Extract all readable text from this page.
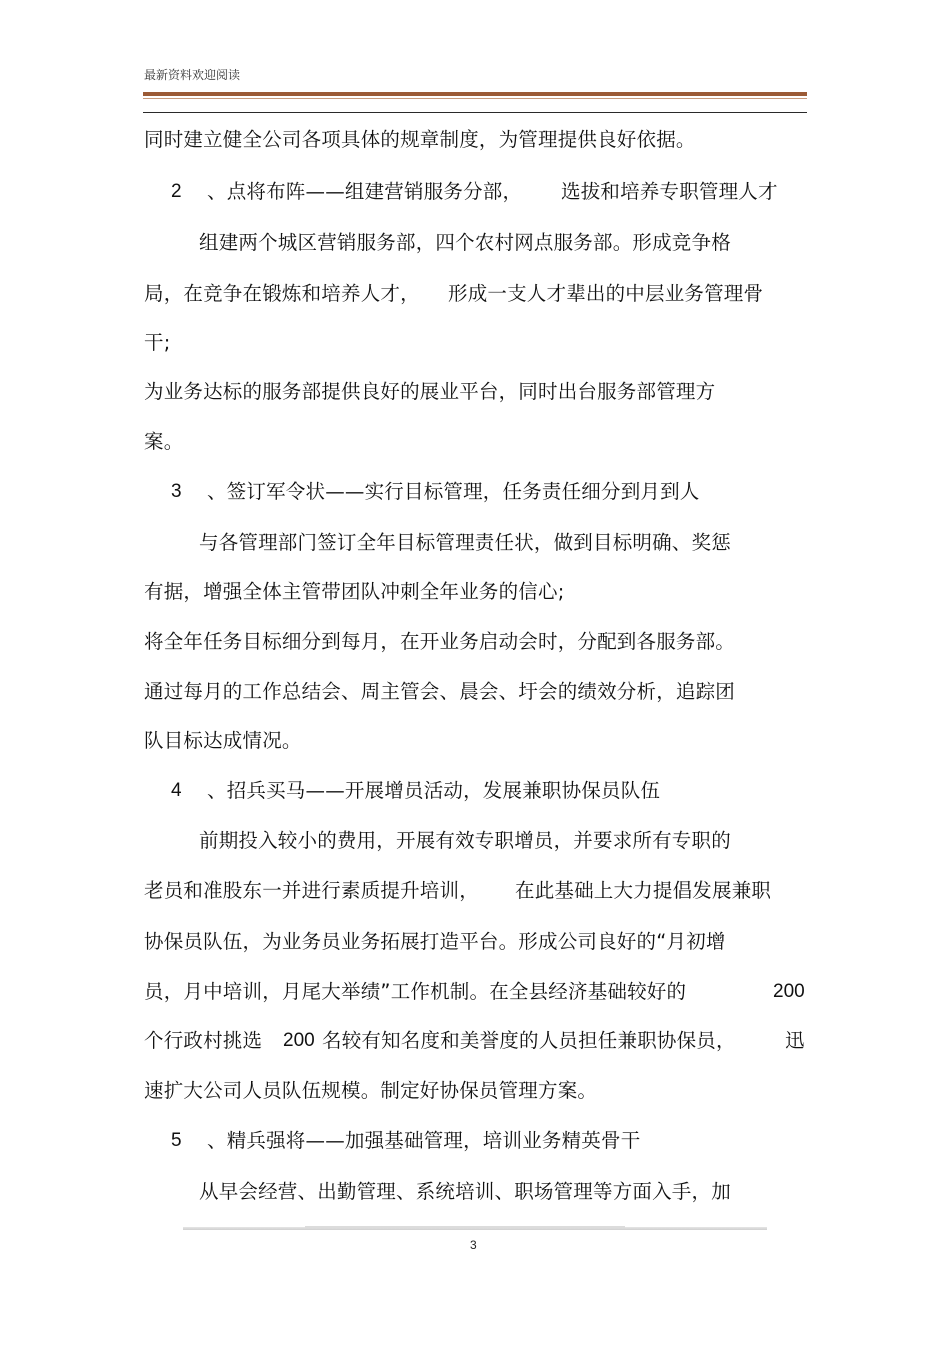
最新资料欢迎阅读
同时建立健全公司各项具体的规章制度，为管理提供良好依据。
2 、点将布阵——组建营销服务分部， 选拔和培养专职管理人才
组建两个城区营销服务部，四个农村网点服务部。形成竞争格
局，在竞争在锻炼和培养人才， 形成一支人才辈出的中层业务管理骨
干;
为业务达标的服务部提供良好的展业平台，同时出台服务部管理方
案。
3 、签订军令状——实行目标管理，任务责任细分到月到人
与各管理部门签订全年目标管理责任状，做到目标明确、奖惩
有据，增强全体主管带团队冲刺全年业务的信心;
将全年任务目标细分到每月，在开业务启动会时，分配到各服务部。
通过每月的工作总结会、周主管会、晨会、圩会的绩效分析，追踪团
队目标达成情况。
4 、招兵买马——开展增员活动，发展兼职协保员队伍
前期投入较小的费用，开展有效专职增员，并要求所有专职的
老员和准股东一并进行素质提升培训， 在此基础上大力提倡发展兼职
协保员队伍，为业务员业务拓展打造平台。形成公司良好的“月初增
员，月中培训，月尾大举绩”工作机制。在全县经济基础较好的	200
个行政村挑选 200 名较有知名度和美誉度的人员担任兼职协保员，	迅
速扩大公司人员队伍规模。制定好协保员管理方案。
5 、精兵强将——加强基础管理，培训业务精英骨干
从早会经营、出勤管理、系统培训、职场管理等方面入手，加
3
